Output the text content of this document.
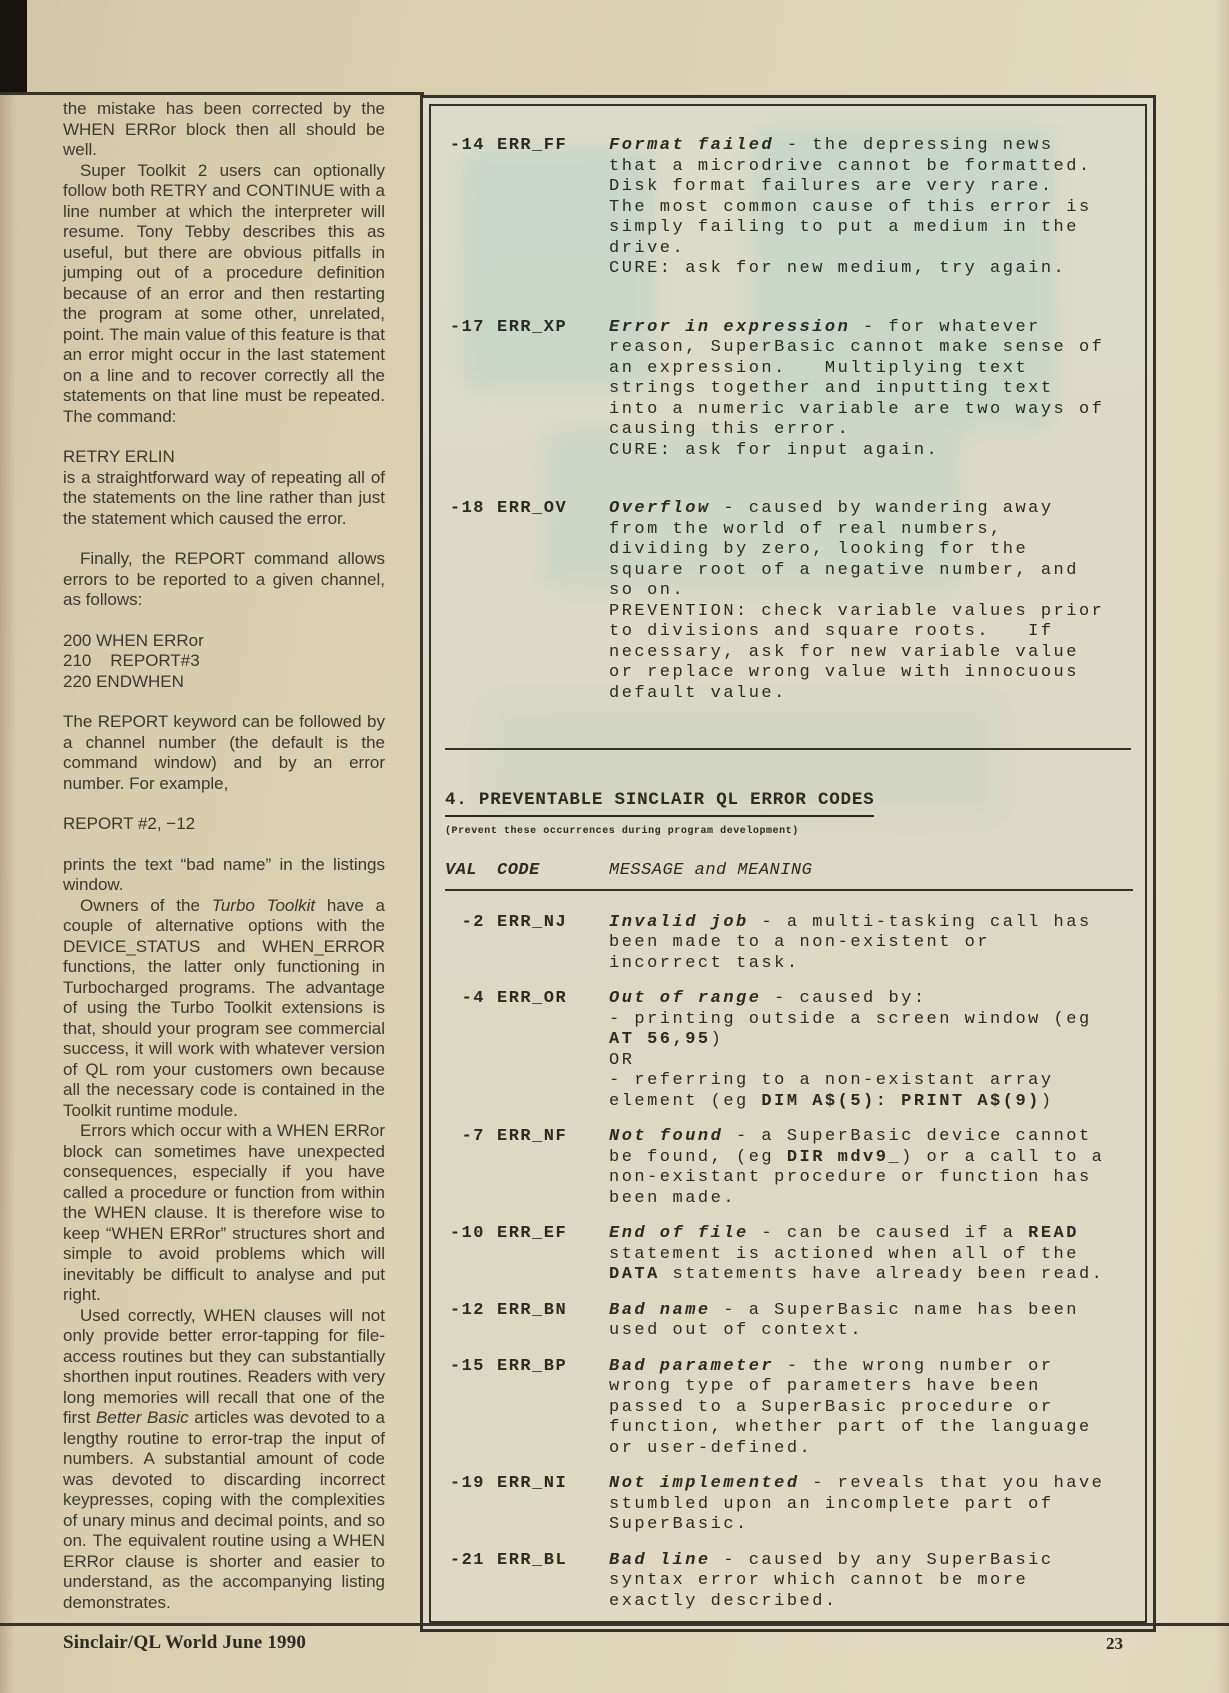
the mistake has been corrected by the WHEN ERRor block then all should be well.

Super Toolkit 2 users can optionally follow both RETRY and CONTINUE with a line number at which the interpreter will resume. Tony Tebby describes this as useful, but there are obvious pitfalls in jumping out of a procedure definition because of an error and then restarting the program at some other, unrelated, point. The main value of this feature is that an error might occur in the last statement on a line and to recover correctly all the statements on that line must be repeated. The command:

RETRY ERLIN

is a straightforward way of repeating all of the statements on the line rather than just the statement which caused the error.

Finally, the REPORT command allows errors to be reported to a given channel, as follows:

200 WHEN ERRor
210    REPORT#3
220 ENDWHEN

The REPORT keyword can be followed by a channel number (the default is the command window) and by an error number. For example,

REPORT #2, −12

prints the text “bad name” in the listings window.

Owners of the Turbo Toolkit have a couple of alternative options with the DEVICE_STATUS and WHEN_ERROR functions, the latter only functioning in Turbocharged programs. The advantage of using the Turbo Toolkit extensions is that, should your program see commercial success, it will work with whatever version of QL rom your customers own because all the necessary code is contained in the Toolkit runtime module.

Errors which occur with a WHEN ERRor block can sometimes have unexpected consequences, especially if you have called a procedure or function from within the WHEN clause. It is therefore wise to keep “WHEN ERRor” structures short and simple to avoid problems which will inevitably be difficult to analyse and put right.

Used correctly, WHEN clauses will not only provide better error-tapping for file-access routines but they can substantially shorthen input routines. Readers with very long memories will recall that one of the first Better Basic articles was devoted to a lengthy routine to error-trap the input of numbers. A substantial amount of code was devoted to discarding incorrect keypresses, coping with the complexities of unary minus and decimal points, and so on. The equivalent routine using a WHEN ERRor clause is shorter and easier to understand, as the accompanying listing demonstrates.

-14 ERR_FF	Format failed - the depressing news
that a microdrive cannot be formatted.
Disk format failures are very rare.
The most common cause of this error is
simply failing to put a medium in the
drive.
CURE: ask for new medium, try again.
-17 ERR_XP	Error in expression - for whatever
reason, SuperBasic cannot make sense of
an expression.   Multiplying text
strings together and inputting text
into a numeric variable are two ways of
causing this error.
CURE: ask for input again.
-18 ERR_OV	Overflow - caused by wandering away
from the world of real numbers,
dividing by zero, looking for the
square root of a negative number, and
so on.
PREVENTION: check variable values prior
to divisions and square roots.   If
necessary, ask for new variable value
or replace wrong value with innocuous
default value.
4. PREVENTABLE SINCLAIR QL ERROR CODES
(Prevent these occurrences during program development)
VAL	CODE	MESSAGE and MEANING
-2 ERR_NJ	Invalid job - a multi-tasking call has
been made to a non-existent or
incorrect task.
-4 ERR_OR	Out of range - caused by:
- printing outside a screen window (eg
AT 56,95)
OR
- referring to a non-existant array
element (eg DIM A$(5): PRINT A$(9))
-7 ERR_NF	Not found - a SuperBasic device cannot
be found, (eg DIR mdv9_) or a call to a
non-existant procedure or function has
been made.
-10 ERR_EF	End of file - can be caused if a READ
statement is actioned when all of the
DATA statements have already been read.
-12 ERR_BN	Bad name - a SuperBasic name has been
used out of context.
-15 ERR_BP	Bad parameter - the wrong number or
wrong type of parameters have been
passed to a SuperBasic procedure or
function, whether part of the language
or user-defined.
-19 ERR_NI	Not implemented - reveals that you have
stumbled upon an incomplete part of
SuperBasic.
-21 ERR_BL	Bad line - caused by any SuperBasic
syntax error which cannot be more
exactly described.
Sinclair/QL World June 1990	23
